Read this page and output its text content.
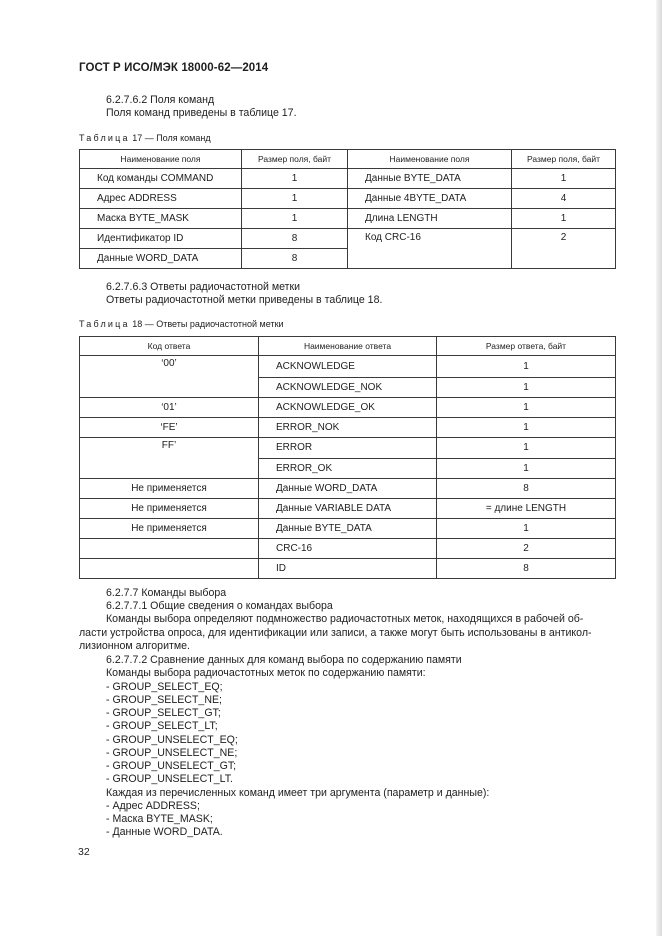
ГОСТ Р ИСО/МЭК 18000-62—2014
6.2.7.6.2 Поля команд
Поля команд приведены в таблице 17.
Таблица 17 — Поля команд
Наименование поля	Размер поля, байт	Наименование поля	Размер поля, байт
Код команды COMMAND	1	Данные BYTE_DATA	1
Адрес ADDRESS	1	Данные 4BYTE_DATA	4
Маска BYTE_MASK	1	Длина LENGTH	1
Идентификатор ID	8	Код CRC-16	2
Данные WORD_DATA	8		
6.2.7.6.3 Ответы радиочастотной метки
Ответы радиочастотной метки приведены в таблице 18.
Таблица 18 — Ответы радиочастотной метки
Код ответа	Наименование ответа	Размер ответа, байт
‘00’	ACKNOWLEDGE	1
	ACKNOWLEDGE_NOK	1
‘01’	ACKNOWLEDGE_OK	1
‘FE’	ERROR_NOK	1
FF’	ERROR	1
	ERROR_OK	1
Не применяется	Данные WORD_DATA	8
Не применяется	Данные VARIABLE DATA	= длине LENGTH
Не применяется	Данные BYTE_DATA	1
	CRC-16	2
	ID	8
6.2.7.7 Команды выбора
6.2.7.7.1 Общие сведения о командах выбора
Команды выбора определяют подмножество радиочастотных меток, находящихся в рабочей об-
ласти устройства опроса, для идентификации или записи, а также могут быть использованы в антикол-
лизионном алгоритме.
6.2.7.7.2 Сравнение данных для команд выбора по содержанию памяти
Команды выбора радиочастотных меток по содержанию памяти:
- GROUP_SELECT_EQ;
- GROUP_SELECT_NE;
- GROUP_SELECT_GT;
- GROUP_SELECT_LT;
- GROUP_UNSELECT_EQ;
- GROUP_UNSELECT_NE;
- GROUP_UNSELECT_GT;
- GROUP_UNSELECT_LT.
Каждая из перечисленных команд имеет три аргумента (параметр и данные):
- Адрес ADDRESS;
- Маска BYTE_MASK;
- Данные WORD_DATA.
32
